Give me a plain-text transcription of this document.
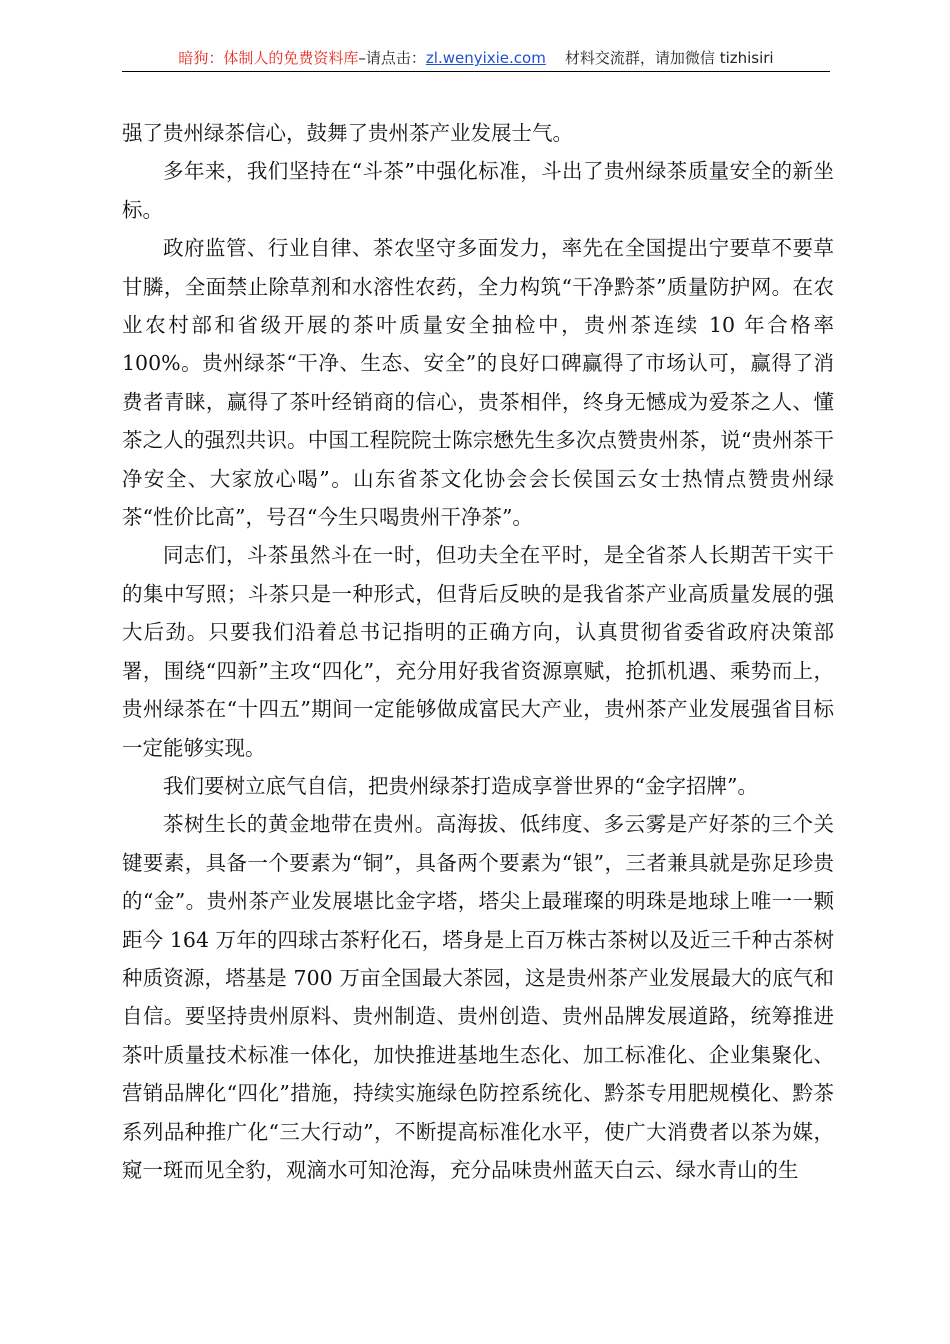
暗狗：体制人的免费资料库–请点击：zl.wenyixie.com 材料交流群，请加微信 tizhisiri

强了贵州绿茶信心，鼓舞了贵州茶产业发展士气。

多年来，我们坚持在“斗茶”中强化标准，斗出了贵州绿茶质量安全的新坐标。

政府监管、行业自律、茶农坚守多面发力，率先在全国提出宁要草不要草甘膦，全面禁止除草剂和水溶性农药，全力构筑“干净黔茶”质量防护网。在农业农村部和省级开展的茶叶质量安全抽检中，贵州茶连续 10 年合格率 100%。贵州绿茶“干净、生态、安全”的良好口碑赢得了市场认可，赢得了消费者青睐，赢得了茶叶经销商的信心，贵茶相伴，终身无憾成为爱茶之人、懂茶之人的强烈共识。中国工程院院士陈宗懋先生多次点赞贵州茶，说“贵州茶干净安全、大家放心喝”。山东省茶文化协会会长侯国云女士热情点赞贵州绿茶“性价比高”，号召“今生只喝贵州干净茶”。

同志们，斗茶虽然斗在一时，但功夫全在平时，是全省茶人长期苦干实干的集中写照；斗茶只是一种形式，但背后反映的是我省茶产业高质量发展的强大后劲。只要我们沿着总书记指明的正确方向，认真贯彻省委省政府决策部署，围绕“四新”主攻“四化”，充分用好我省资源禀赋，抢抓机遇、乘势而上，贵州绿茶在“十四五”期间一定能够做成富民大产业，贵州茶产业发展强省目标一定能够实现。

我们要树立底气自信，把贵州绿茶打造成享誉世界的“金字招牌”。

茶树生长的黄金地带在贵州。高海拔、低纬度、多云雾是产好茶的三个关键要素，具备一个要素为“铜”，具备两个要素为“银”，三者兼具就是弥足珍贵的“金”。贵州茶产业发展堪比金字塔，塔尖上最璀璨的明珠是地球上唯一一颗距今 164 万年的四球古茶籽化石，塔身是上百万株古茶树以及近三千种古茶树种质资源，塔基是 700 万亩全国最大茶园，这是贵州茶产业发展最大的底气和自信。要坚持贵州原料、贵州制造、贵州创造、贵州品牌发展道路，统筹推进茶叶质量技术标准一体化，加快推进基地生态化、加工标准化、企业集聚化、营销品牌化“四化”措施，持续实施绿色防控系统化、黔茶专用肥规模化、黔茶系列品种推广化“三大行动”，不断提高标准化水平，使广大消费者以茶为媒，窥一斑而见全豹，观滴水可知沧海，充分品味贵州蓝天白云、绿水青山的生
